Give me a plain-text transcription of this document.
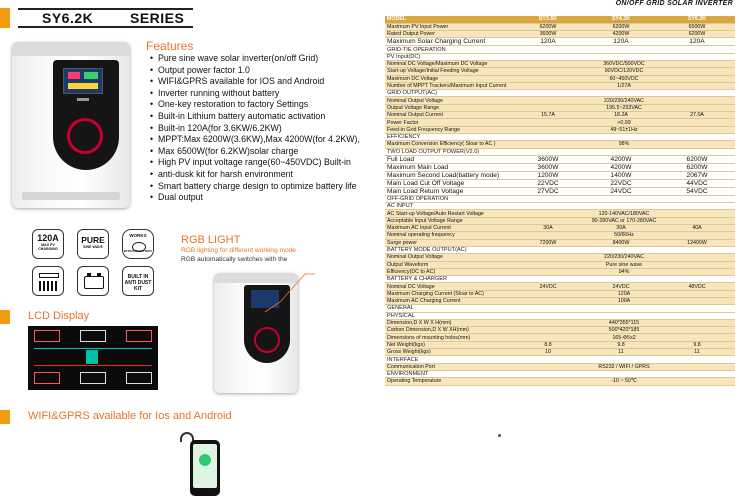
SY6.2K	SERIES
ON/OFF GRID SOLAR INVERTER
Features
• Pure sine wave solar inverter(on/off Grid)
• Output power factor 1.0
• WIFI&GPRS available for IOS and Android
• Inverter running without battery
• One-key restoration to factory Settings
• Built-in Lithium battery automatic activation
• Built-in 120A(for 3.6KW/6.2KW)
• MPPT:Max 6200W(3.6KW),Max 4200W(for 4.2KW),
• Max 6500W(for 6.2KW)solar charge
• High PV input voltage range(60~450VDC) Built-in
• anti-dusk kit for harsh environment
• Smart battery charge design to optimize battery life
• Dual output
120A
MAX PV CHARGING
PURE
SINE WAVE
WORKS
WITHOUT BATTERY
BUILT IN
ANTI DUST KIT
RGB LIGHT
RGB lighting for different working mode
RGB automatically switches with the
LCD Display
WIFI&GPRS available for Ios and Android
MODEL	SY3.6K	SY4.2K	SY6.2K
Maximum PV Input Power	6200W	6200W	6500W
Rated Output Power	3600W	4200W	6200W
Maximum Solar Charging Current	120A	120A	120A
GRID-TIE OPERATION			
PV Input(DC)			
Nominal DC Voltage/Maximum DC Voltage	360VDC/500VDC		
Start-up Voltage/Initial Feeding Voltage	90VDC/120VDC		
Maximum DC Voltage	60~450VDC		
Number of MPPT Trackers/Maximum Input Current	1/27A		
GRID OUTPUT(AC)			
Nominal Output Voltage	220/230/240VAC		
Output Voltage Range	195.5~253VAC		
Nominal Output Current	15.7A	18.2A	27.0A
Power Factor	>0.99		
Feed-in Grid Frequency Range	49~51±1Hz		
EFFICIENCY			
Maximum Conversion Efficiency( Sloar to AC )	98%		
TWO LOAD OUTPUT POWER(V2.0)			
Full Load	3600W	4200W	6200W
Maximum Main Load	3600W	4200W	6200W
Maximum Second Load(battery mode)	1200W	1400W	2067W
Main Load Cut Off Voltage	22VDC	22VDC	44VDC
Main Load Return Voltage	27VDC	24VDC	54VDC
OFF-GRID OPERATION			
AC INPUT			
AC Start-up Voltage/Auto Restart Voltage	120-140VAC/180VAC		
Acceptable Input Voltage Range	90-280VAC or 170-280VAC		
Maximum AC Input Current	30A	30A	40A
Nominal operating frequency	50/60Hz		
Surge power	7200W	8400W	12400W
BATTERY MODE OUTPUT(AC)			
Nominal Output Voltage	220/230/240VAC		
Output Waveform	Pure sine wave		
Efficiency(DC to AC)	94%		
BATTERY & CHARGER			
Nominal DC Voltage	24VDC	24VDC	48VDC
Maximum Charging Current (Sloar to AC)	120A		
Maximum AC Charging Current	100A		
GENERAL			
PHYSICAL			
Dimension,D X W X H(mm)	440*355*115		
Carbon Dimension,D X W XH(mm)	500*420*185		
Dimensions of mounting holes(mm)	165-Φ5x2		
Net Weight(kgs)	8.8	9.8	9.8
Gross Weight(kgs)	10	11	11
INTERFACE			
Communication Port	RS232 / WIFI / GPRS		
ENVIRONMENT			
Operating Temperature	-10 ~ 50℃		
